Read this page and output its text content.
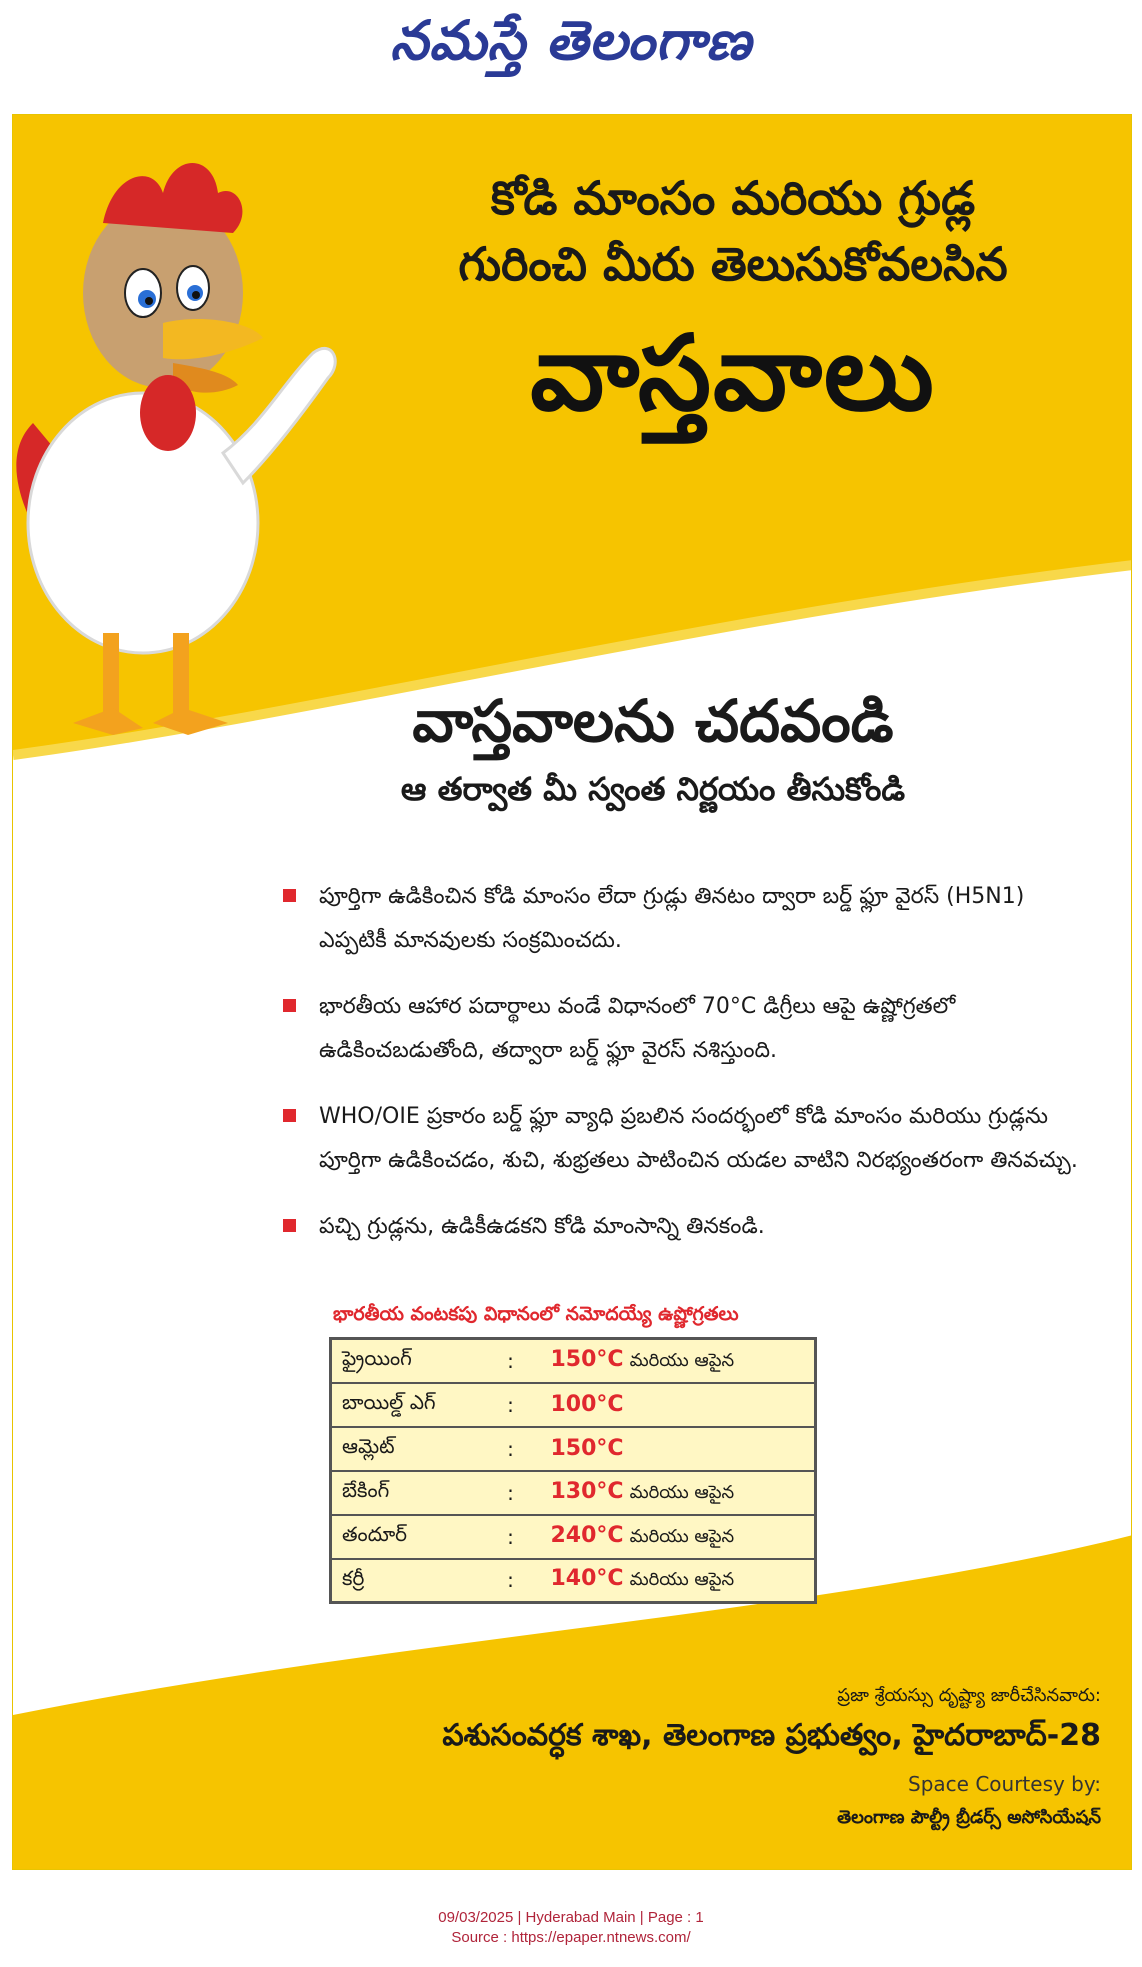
నమస్తే తెలంగాణ
కోడి మాంసం మరియు గ్రుడ్ల
గురించి మీరు తెలుసుకోవలసిన
వాస్తవాలు
వాస్తవాలను చదవండి
ఆ తర్వాత మీ స్వంత నిర్ణయం తీసుకోండి
పూర్తిగా ఉడికించిన కోడి మాంసం లేదా గ్రుడ్లు తినటం ద్వారా బర్డ్ ఫ్లూ వైరస్ (H5N1) ఎప్పటికీ మానవులకు సంక్రమించదు.
భారతీయ ఆహార పదార్థాలు వండే విధానంలో 70°C డిగ్రీలు ఆపై ఉష్ణోగ్రతలో ఉడికించబడుతోంది, తద్వారా బర్డ్ ఫ్లూ వైరస్ నశిస్తుంది.
WHO/OIE ప్రకారం బర్డ్ ఫ్లూ వ్యాధి ప్రబలిన సందర్భంలో కోడి మాంసం మరియు గ్రుడ్లను పూర్తిగా ఉడికించడం, శుచి, శుభ్రతలు పాటించిన యడల వాటిని నిరభ్యంతరంగా తినవచ్చు.
పచ్చి గ్రుడ్లను, ఉడికీఉడకని కోడి మాంసాన్ని తినకండి.
భారతీయ వంటకపు విధానంలో నమోదయ్యే ఉష్ణోగ్రతలు
ఫ్రైయింగ్	:	150°C మరియు ఆపైన
బాయిల్డ్ ఎగ్	:	100°C
ఆమ్లెట్	:	150°C
బేకింగ్	:	130°C మరియు ఆపైన
తందూర్	:	240°C మరియు ఆపైన
కర్రీ	:	140°C మరియు ఆపైన
ప్రజా శ్రేయస్సు దృష్ట్యా జారీచేసినవారు:
పశుసంవర్ధక శాఖ, తెలంగాణ ప్రభుత్వం, హైదరాబాద్-28
Space Courtesy by:
తెలంగాణ పౌల్ట్రీ బ్రీడర్స్ అసోసియేషన్
09/03/2025 | Hyderabad Main | Page : 1
Source : https://epaper.ntnews.com/
